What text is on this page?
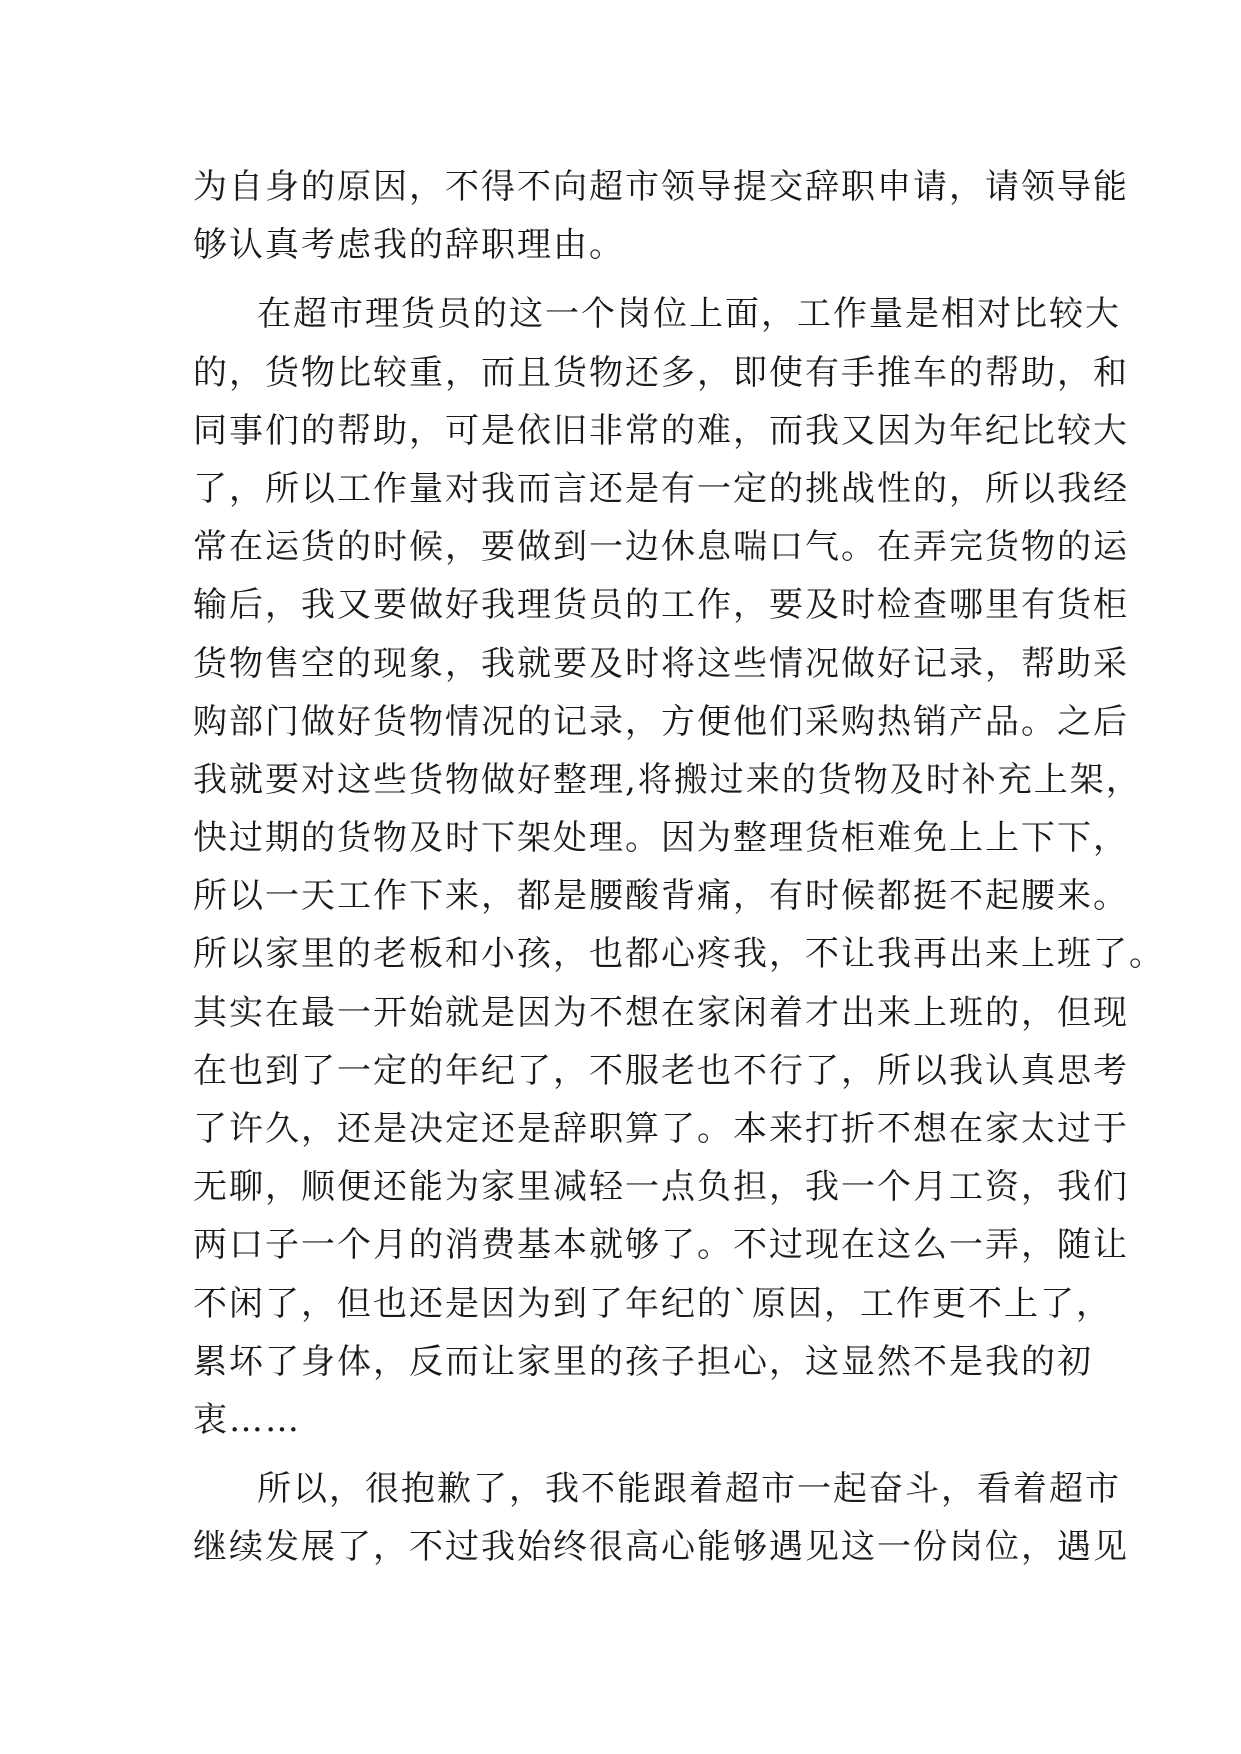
为自身的原因，不得不向超市领导提交辞职申请，请领导能
够认真考虑我的辞职理由。
在超市理货员的这一个岗位上面，工作量是相对比较大
的，货物比较重，而且货物还多，即使有手推车的帮助，和
同事们的帮助，可是依旧非常的难，而我又因为年纪比较大
了，所以工作量对我而言还是有一定的挑战性的，所以我经
常在运货的时候，要做到一边休息喘口气。在弄完货物的运
输后，我又要做好我理货员的工作，要及时检查哪里有货柜
货物售空的现象，我就要及时将这些情况做好记录，帮助采
购部门做好货物情况的记录，方便他们采购热销产品。之后
我就要对这些货物做好整理,将搬过来的货物及时补充上架，
快过期的货物及时下架处理。因为整理货柜难免上上下下，
所以一天工作下来，都是腰酸背痛，有时候都挺不起腰来。
所以家里的老板和小孩，也都心疼我，不让我再出来上班了。
其实在最一开始就是因为不想在家闲着才出来上班的，但现
在也到了一定的年纪了，不服老也不行了，所以我认真思考
了许久，还是决定还是辞职算了。本来打折不想在家太过于
无聊，顺便还能为家里减轻一点负担，我一个月工资，我们
两口子一个月的消费基本就够了。不过现在这么一弄，随让
不闲了，但也还是因为到了年纪的`原因，工作更不上了，
累坏了身体，反而让家里的孩子担心，这显然不是我的初
衷……
所以，很抱歉了，我不能跟着超市一起奋斗，看着超市
继续发展了，不过我始终很高心能够遇见这一份岗位，遇见
